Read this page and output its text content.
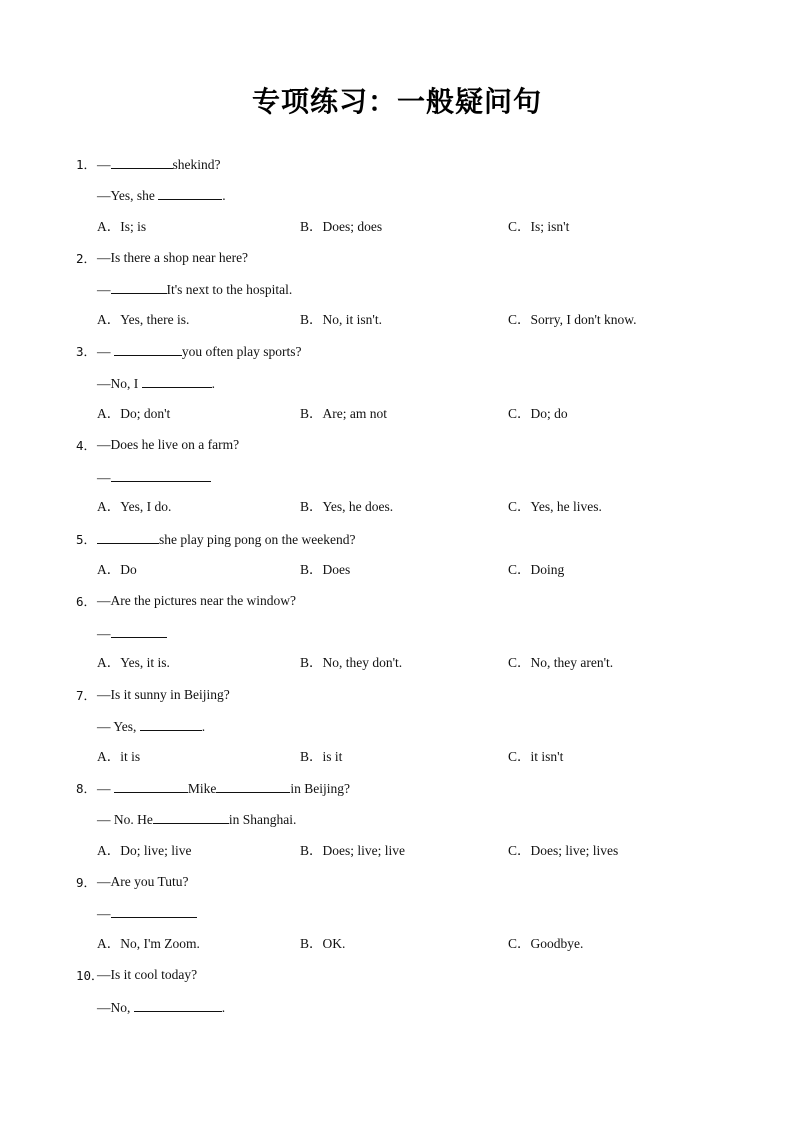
专项练习：一般疑问句
1． —	shekind?
—Yes, she	.
A．Is; is	B．Does; does	C．Is; isn't
2． —Is there a shop near here?
—	It's next to the hospital.
A．Yes, there is.	B．No, it isn't.	C．Sorry, I don't know.
3． —	you often play sports?
—No, I	.
A．Do; don't	B．Are; am not	C．Do; do
4． —Does he live on a farm?
—
A．Yes, I do.	B．Yes, he does.	C．Yes, he lives.
5．	she play ping pong on the weekend?
A．Do	B．Does	C．Doing
6． —Are the pictures near the window?
—
A．Yes, it is.	B．No, they don't.	C．No, they aren't.
7． —Is it sunny in Beijing?
— Yes,	.
A．it is	B．is it	C．it isn't
8． —	Mike	in Beijing?
— No. He	in Shanghai.
A．Do; live; live	B．Does; live; live	C．Does; live; lives
9． —Are you Tutu?
—
A．No, I'm Zoom.	B．OK.	C．Goodbye.
10．
—Is it cool today?
—No,	.
